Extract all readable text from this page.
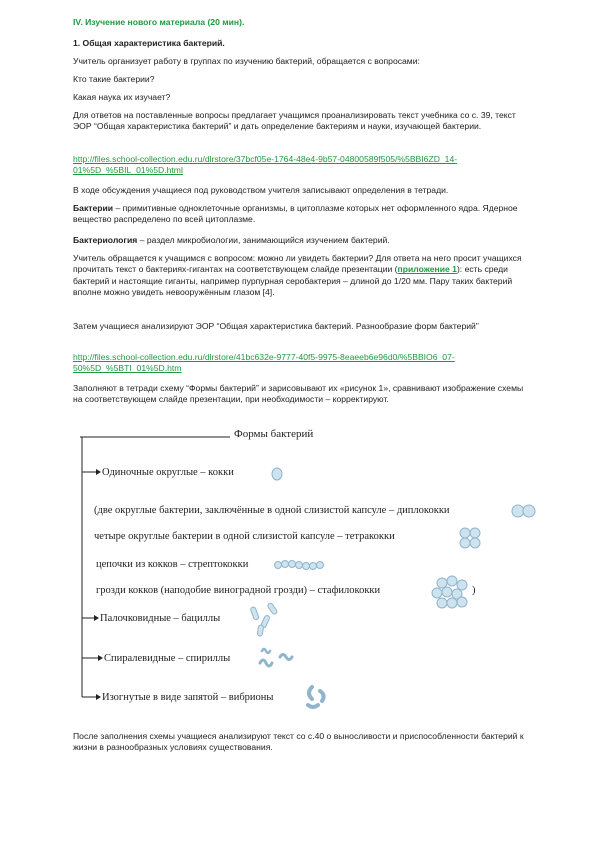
IV. Изучение нового материала (20 мин).

1. Общая характеристика бактерий.

Учитель организует работу в группах по изучению бактерий, обращается с вопросами:

Кто такие бактерии?

Какая наука их изучает?

Для ответов на поставленные вопросы предлагает учащимся проанализировать текст учебника со с. 39, текст ЭОР “Общая характеристика бактерий” и дать определение бактериям и науки, изучающей бактерии.

http://files.school-collection.edu.ru/dlrstore/37bcf05e-1764-48e4-9b57-04800589f505/%5BBI6ZD_14-01%5D_%5BIL_01%5D.html

В ходе обсуждения учащиеся под руководством учителя записывают определения в тетради.

Бактерии – примитивные одноклеточные организмы, в цитоплазме которых нет оформленного ядра. Ядерное вещество распределено по всей цитоплазме.

Бактериология – раздел микробиологии, занимающийся изучением бактерий.

Учитель обращается к учащимся с вопросом: можно ли увидеть бактерии? Для ответа на него просит учащихся прочитать текст о бактериях-гигантах на соответствующем слайде презентации (приложение 1): есть среди бактерий и настоящие гиганты, например пурпурная серобактерия – длиной до 1/20 мм. Пару таких бактерий вполне можно увидеть невооружённым глазом [4].

Затем учащиеся анализируют ЭОР “Общая характеристика бактерий. Разнообразие форм бактерий”

http://files.school-collection.edu.ru/dlrstore/41bc632e-9777-40f5-9975-8eaeeb6e96d0/%5BBIO6_07-50%5D_%5BTI_01%5D.htm

Заполняют в тетради схему “Формы бактерий” и зарисовывают их «рисунок 1», сравнивают изображение схемы на соответствующем слайде презентации, при необходимости – корректируют.

Формы бактерий
Одиночные округлые – кокки
(две округлые бактерии, заключённые в одной слизистой капсуле – диплококки
четыре округлые бактерии в одной слизистой капсуле – тетракокки
цепочки из кокков – стрептококки
грозди кокков (наподобие виноградной грозди) – стафилококки	)
Палочковидные – бациллы
Спиралевидные – спириллы
Изогнутые в виде запятой – вибрионы

После заполнения схемы учащиеся анализируют текст со с.40 о выносливости и приспособленности бактерий к жизни в разнообразных условиях существования.
